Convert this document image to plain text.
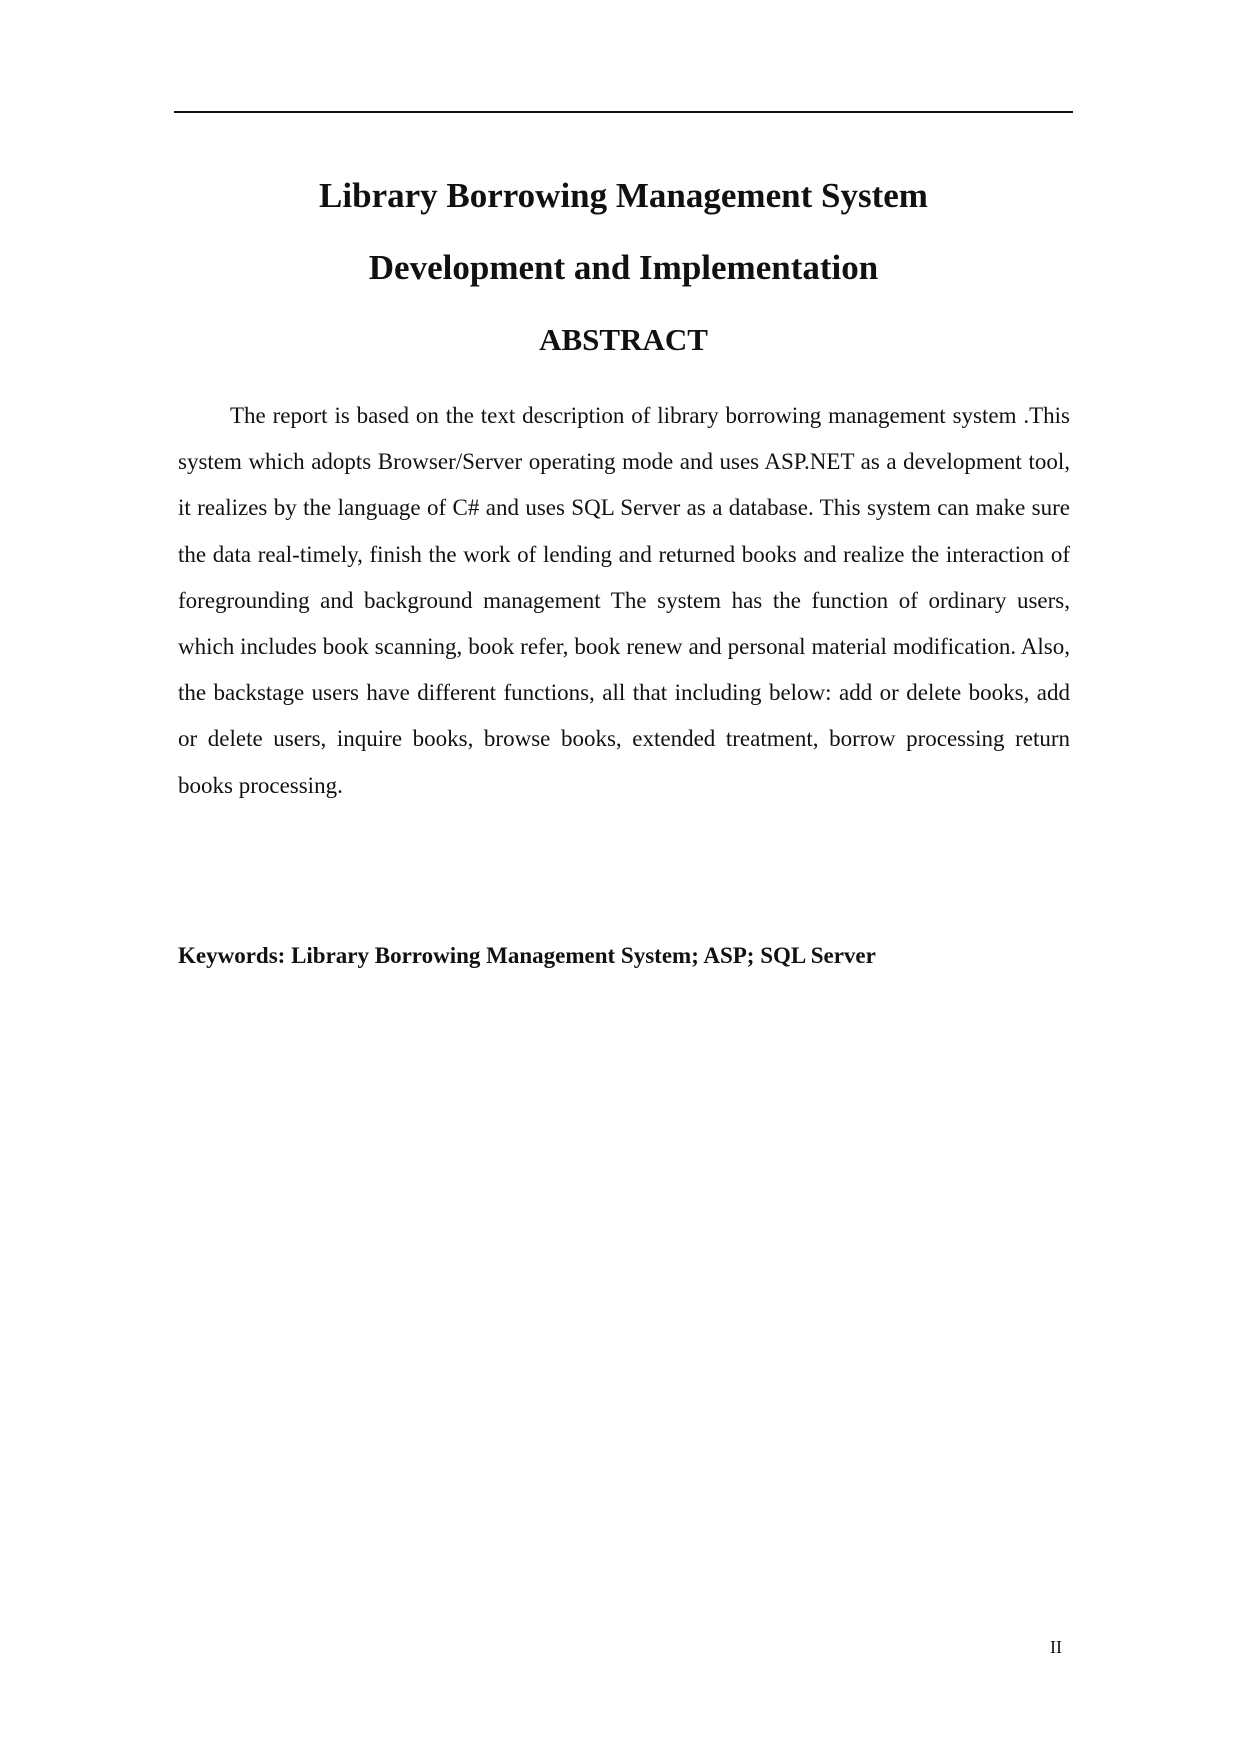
Library Borrowing Management System
Development and Implementation
ABSTRACT

The report is based on the text description of library borrowing management system .This system which adopts Browser/Server operating mode and uses ASP.NET as a development tool, it realizes by the language of C# and uses SQL Server as a database. This system can make sure the data real-timely, finish the work of lending and returned books and realize the interaction of foregrounding and background management The system has the function of ordinary users, which includes book scanning, book refer, book renew and personal material modification. Also, the backstage users have different functions, all that including below: add or delete books, add or delete users, inquire books, browse books, extended treatment, borrow processing return books processing.

Keywords: Library Borrowing Management System; ASP; SQL Server

II
